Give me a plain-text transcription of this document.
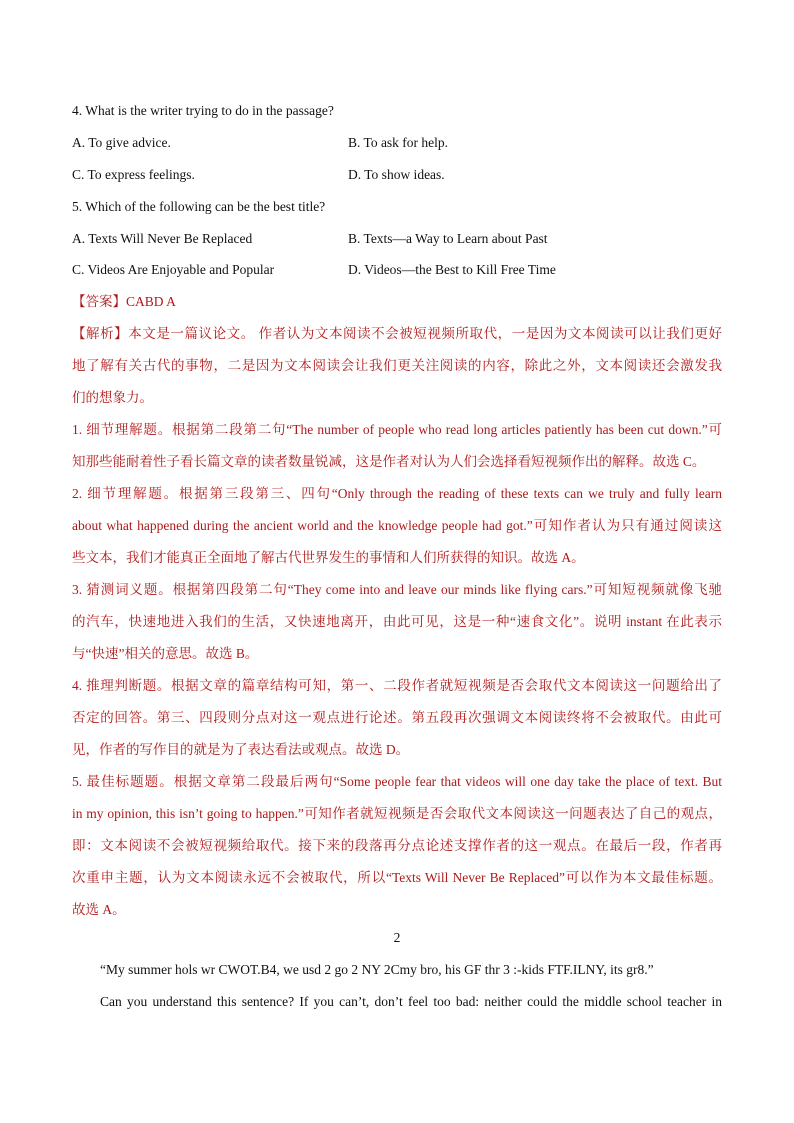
4. What is the writer trying to do in the passage?
A. To give advice.	B. To ask for help.
C. To express feelings.	D. To show ideas.
5. Which of the following can be the best title?
A. Texts Will Never Be Replaced	B. Texts—a Way to Learn about Past
C. Videos Are Enjoyable and Popular	D. Videos—the Best to Kill Free Time
【答案】CABD A
【解析】本文是一篇议论文。 作者认为文本阅读不会被短视频所取代，一是因为文本阅读可以让我们更好
地了解有关古代的事物，二是因为文本阅读会让我们更关注阅读的内容，除此之外，文本阅读还会激发我
们的想象力。
1. 细节理解题。根据第二段第二句“The number of people who read long articles patiently has been cut down.”可
知那些能耐着性子看长篇文章的读者数量锐减，这是作者对认为人们会选择看短视频作出的解释。故选 C。
2. 细节理解题。根据第三段第三、四句“Only through the reading of these texts can we truly and fully learn
about what happened during the ancient world and the knowledge people had got.”可知作者认为只有通过阅读这
些文本，我们才能真正全面地了解古代世界发生的事情和人们所获得的知识。故选 A。
3. 猜测词义题。根据第四段第二句“They come into and leave our minds like flying cars.”可知短视频就像飞驰
的汽车，快速地进入我们的生活，又快速地离开，由此可见，这是一种“速食文化”。说明 instant 在此表示
与“快速”相关的意思。故选 B。
4. 推理判断题。根据文章的篇章结构可知，第一、二段作者就短视频是否会取代文本阅读这一问题给出了
否定的回答。第三、四段则分点对这一观点进行论述。第五段再次强调文本阅读终将不会被取代。由此可
见，作者的写作目的就是为了表达看法或观点。故选 D。
5. 最佳标题题。根据文章第二段最后两句“Some people fear that videos will one day take the place of text. But
in my opinion, this isn’t going to happen.”可知作者就短视频是否会取代文本阅读这一问题表达了自己的观点，
即：文本阅读不会被短视频给取代。接下来的段落再分点论述支撑作者的这一观点。在最后一段，作者再
次重申主题，认为文本阅读永远不会被取代，所以“Texts Will Never Be Replaced”可以作为本文最佳标题。
故选 A。
2
“My summer hols wr CWOT.B4, we usd 2 go 2 NY 2Cmy bro, his GF thr 3 :-kids FTF.ILNY, its gr8.”
Can you understand this sentence? If you can’t, don’t feel too bad: neither could the middle school teacher in
